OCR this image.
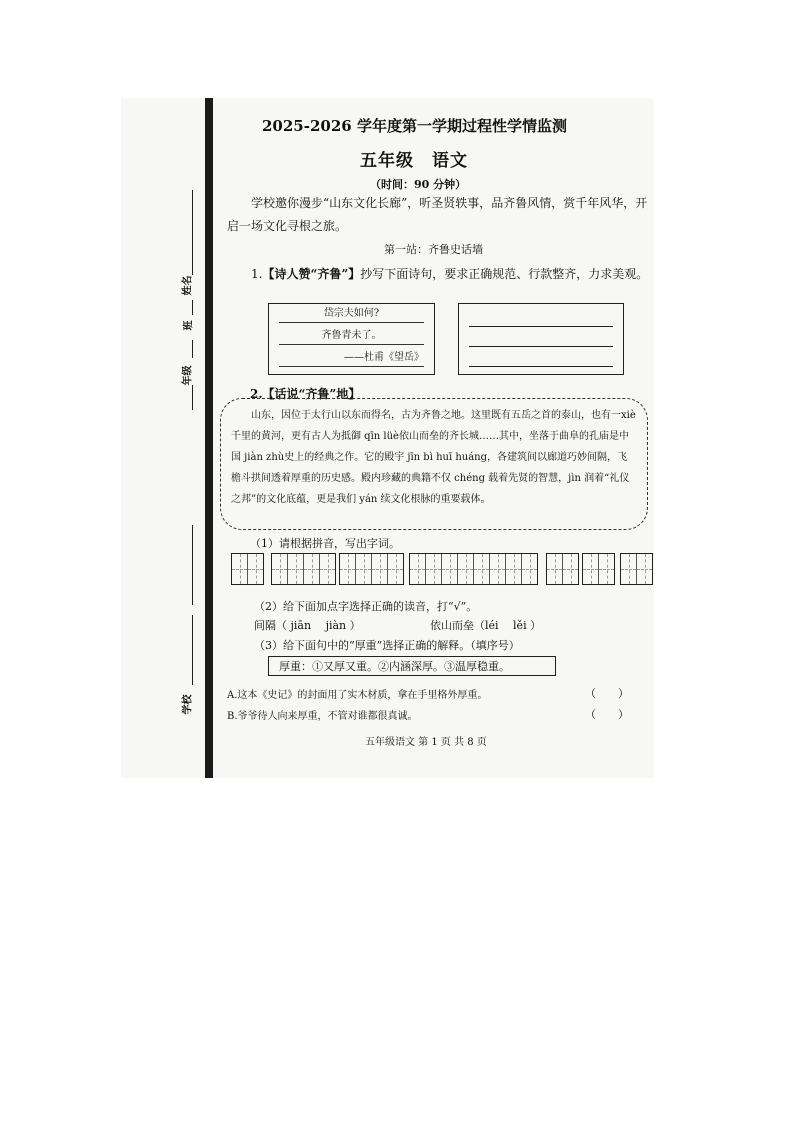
姓名
班
年级
学校
2025-2026 学年度第一学期过程性学情监测
五年级　语文
（时间：90 分钟）
学校邀你漫步“山东文化长廊”，听圣贤轶事，品齐鲁风情，赏千年风华，开启一场文化寻根之旅。
第一站：齐鲁史话墙
1.【诗人赞“齐鲁”】抄写下面诗句，要求正确规范、行款整齐，力求美观。
岱宗夫如何?
齐鲁青未了。
——杜甫《望岳》
2.【话说“齐鲁”地】

山东，因位于太行山以东而得名，古为齐鲁之地。这里既有五岳之首的泰山，也有一xiè千里的黄河，更有古人为抵御 qīn lüè依山而垒的齐长城……其中，坐落于曲阜的孔庙是中国 jiàn zhù史上的经典之作。它的殿宇 jīn bì huī huáng，各建筑间以廊道巧妙间隔，飞檐斗拱间透着厚重的历史感。殿内珍藏的典籍不仅 chéng 载着先贤的智慧，jìn 润着“礼仪之邦”的文化底蕴，更是我们 yán 续文化根脉的重要载体。

（1）请根据拼音，写出字词。
（2）给下面加点字选择正确的读音，打“√”。
间隔（ jiān　 jiàn ）	依山而垒（léi　 lěi ）
（3）给下面句中的“厚重”选择正确的解释。（填序号）
厚重：①又厚又重。②内涵深厚。③温厚稳重。
A.这本《史记》的封面用了实木材质，拿在手里格外厚重。	（　　）
B.爷爷待人向来厚重，不管对谁都很真诚。	（　　）
五年级语文 第 1 页 共 8 页
